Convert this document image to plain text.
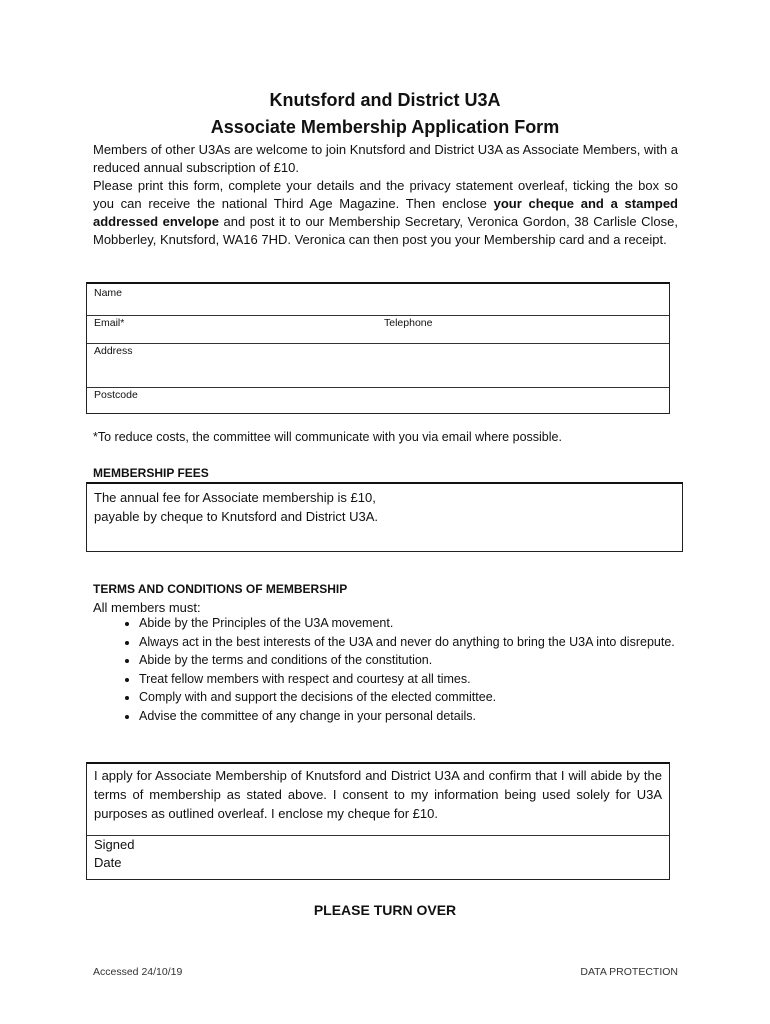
Knutsford and District U3A
Associate Membership Application Form

Members of other U3As are welcome to join Knutsford and District U3A as Associate Members, with a reduced annual subscription of £10.

Please print this form, complete your details and the privacy statement overleaf, ticking the box so you can receive the national Third Age Magazine. Then enclose your cheque and a stamped addressed envelope and post it to our Membership Secretary, Veronica Gordon, 38 Carlisle Close, Mobberley, Knutsford, WA16 7HD. Veronica can then post you your Membership card and a receipt.

Name
Email*	Telephone
Address
Postcode
*To reduce costs, the committee will communicate with you via email where possible.
MEMBERSHIP FEES
The annual fee for Associate membership is £10,
payable by cheque to Knutsford and District U3A.
TERMS AND CONDITIONS OF MEMBERSHIP
All members must:
• Abide by the Principles of the U3A movement.
• Always act in the best interests of the U3A and never do anything to bring the U3A into disrepute.
• Abide by the terms and conditions of the constitution.
• Treat fellow members with respect and courtesy at all times.
• Comply with and support the decisions of the elected committee.
• Advise the committee of any change in your personal details.
I apply for Associate Membership of Knutsford and District U3A and confirm that I will abide by the terms of membership as stated above. I consent to my information being used solely for U3A purposes as outlined overleaf. I enclose my cheque for £10.
Signed
Date
PLEASE TURN OVER
Accessed 24/10/19	DATA PROTECTION
